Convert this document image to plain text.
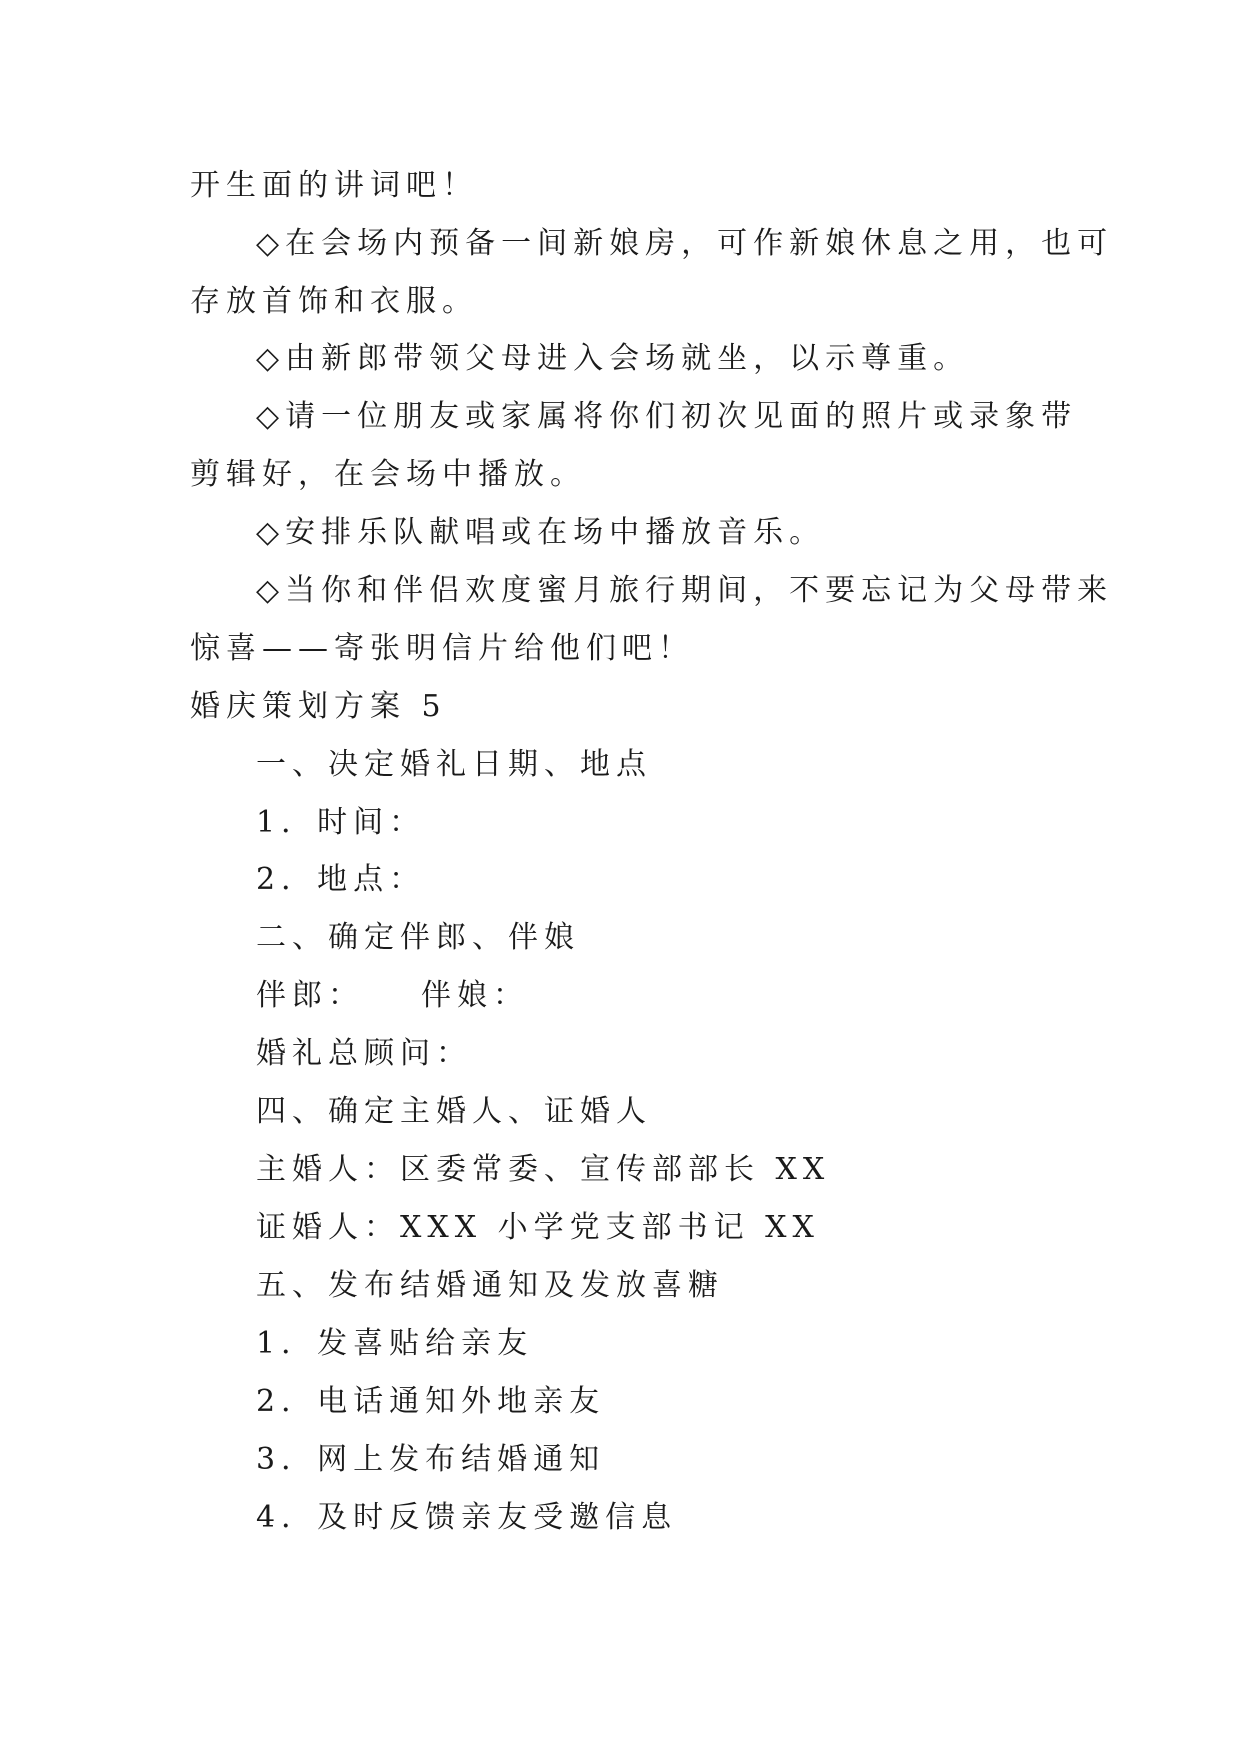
开生面的讲词吧！
◇在会场内预备一间新娘房，可作新娘休息之用，也可
存放首饰和衣服。
◇由新郎带领父母进入会场就坐，以示尊重。
◇请一位朋友或家属将你们初次见面的照片或录象带
剪辑好，在会场中播放。
◇安排乐队献唱或在场中播放音乐。
◇当你和伴侣欢度蜜月旅行期间，不要忘记为父母带来
惊喜——寄张明信片给他们吧！
婚庆策划方案 5
一、决定婚礼日期、地点
1．时间：
2．地点：
二、确定伴郎、伴娘
伴郎：　　伴娘：
婚礼总顾问：
四、确定主婚人、证婚人
主婚人：区委常委、宣传部部长 XX
证婚人：XXX 小学党支部书记 XX
五、发布结婚通知及发放喜糖
1．发喜贴给亲友
2．电话通知外地亲友
3．网上发布结婚通知
4．及时反馈亲友受邀信息
